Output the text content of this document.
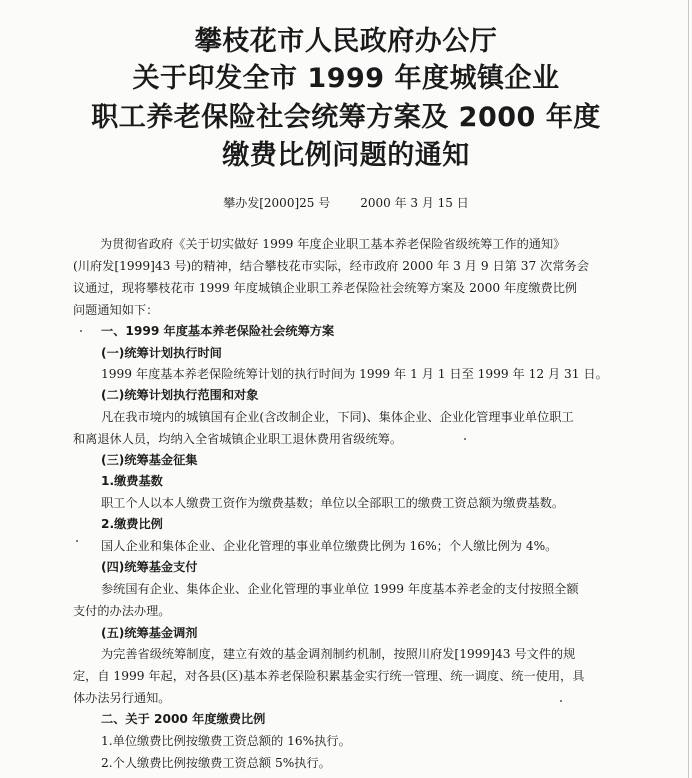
攀枝花市人民政府办公厅
关于印发全市 1999 年度城镇企业
职工养老保险社会统筹方案及 2000 年度
缴费比例问题的通知
攀办发[2000]25 号	2000 年 3 月 15 日
为贯彻省政府《关于切实做好 1999 年度企业职工基本养老保险省级统筹工作的通知》
(川府发[1999]43 号)的精神，结合攀枝花市实际，经市政府 2000 年 3 月 9 日第 37 次常务会
议通过，现将攀枝花市 1999 年度城镇企业职工养老保险社会统筹方案及 2000 年度缴费比例
问题通知如下：
一、1999 年度基本养老保险社会统筹方案
(一)统筹计划执行时间
1999 年度基本养老保险统筹计划的执行时间为 1999 年 1 月 1 日至 1999 年 12 月 31 日。
(二)统筹计划执行范围和对象
凡在我市境内的城镇国有企业(含改制企业，下同)、集体企业、企业化管理事业单位职工
和离退休人员，均纳入全省城镇企业职工退休费用省级统筹。
(三)统筹基金征集
1.缴费基数
职工个人以本人缴费工资作为缴费基数；单位以全部职工的缴费工资总额为缴费基数。
2.缴费比例
国人企业和集体企业、企业化管理的事业单位缴费比例为 16%；个人缴比例为 4%。
(四)统筹基金支付
参统国有企业、集体企业、企业化管理的事业单位 1999 年度基本养老金的支付按照全额
支付的办法办理。
(五)统筹基金调剂
为完善省级统筹制度，建立有效的基金调剂制约机制，按照川府发[1999]43 号文件的规
定，自 1999 年起，对各县(区)基本养老保险积累基金实行统一管理、统一调度、统一使用，具
体办法另行通知。
二、关于 2000 年度缴费比例
1.单位缴费比例按缴费工资总额的 16%执行。
2.个人缴费比例按缴费工资总额 5%执行。
